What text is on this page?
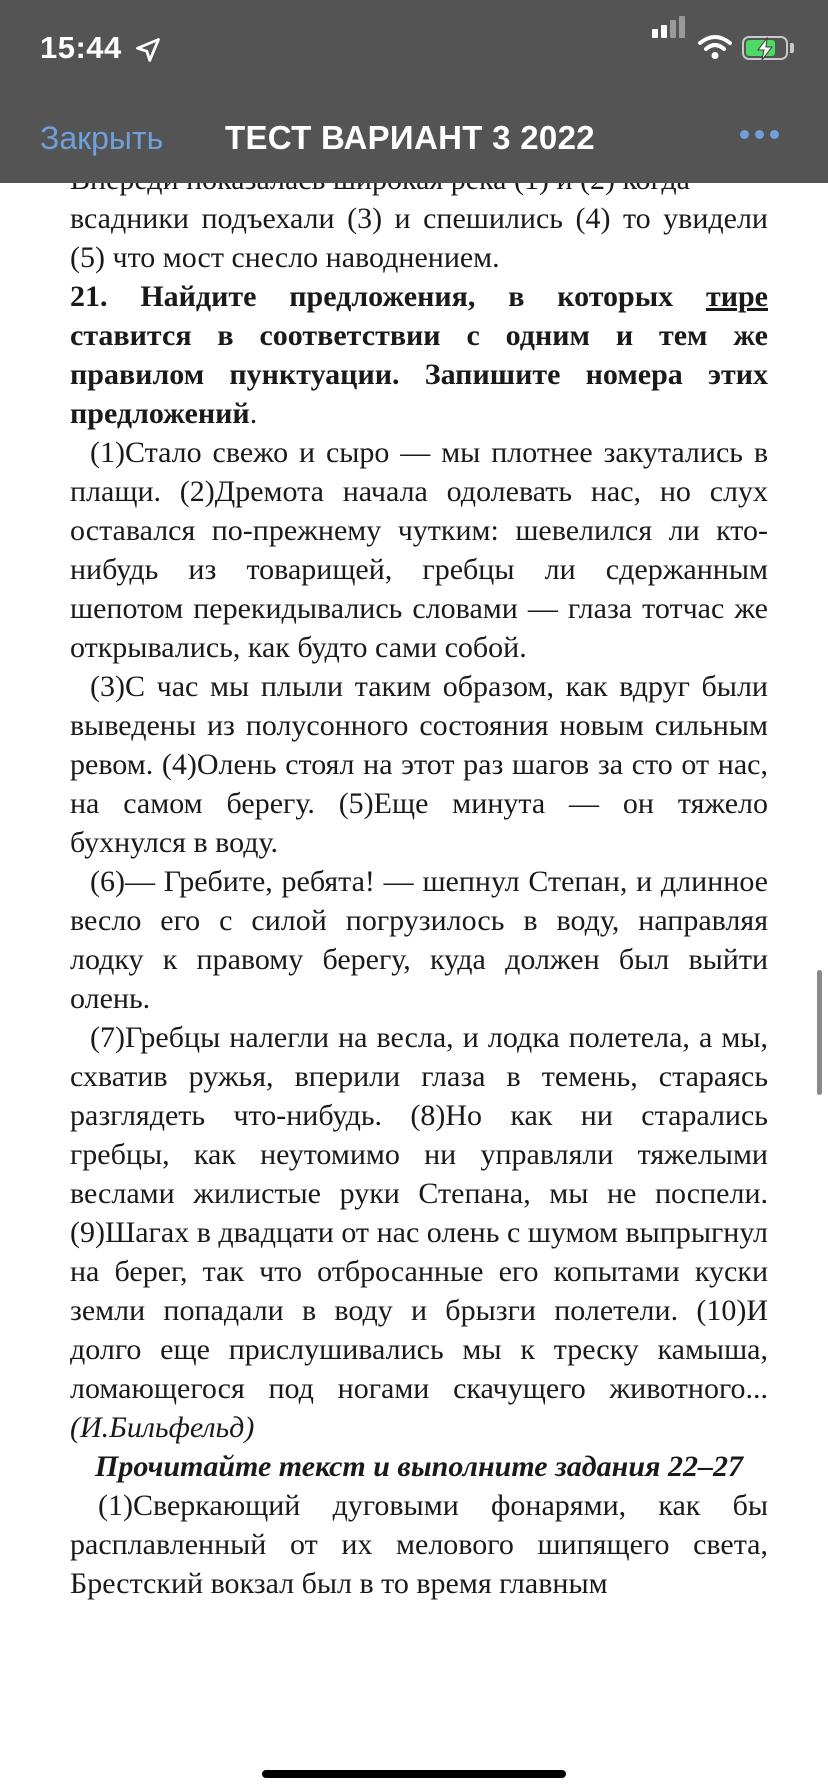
всадники подъехали (3) и спешились (4) то увидели (5) что мост снесло наводнением.

21. Найдите предложения, в которых тире ставится в соответствии с одним и тем же правилом пунктуации. Запишите номера этих предложений.

(1)Стало свежо и сыро — мы плотнее закутались в плащи. (2)Дремота начала одолевать нас, но слух оставался по-прежнему чутким: шевелился ли кто-нибудь из товарищей, гребцы ли сдержанным шепотом перекидывались словами — глаза тотчас же открывались, как будто сами собой.

(3)С час мы плыли таким образом, как вдруг были выведены из полусонного состояния новым сильным ревом. (4)Олень стоял на этот раз шагов за сто от нас, на самом берегу. (5)Еще минута — он тяжело бухнулся в воду.

(6)— Гребите, ребята! — шепнул Степан, и длинное весло его с силой погрузилось в воду, направляя лодку к правому берегу, куда должен был выйти олень.

(7)Гребцы налегли на весла, и лодка полетела, а мы, схватив ружья, вперили глаза в темень, стараясь разглядеть что-нибудь. (8)Но как ни старались гребцы, как неутомимо ни управляли тяжелыми веслами жилистые руки Степана, мы не поспели. (9)Шагах в двадцати от нас олень с шумом выпрыгнул на берег, так что отбросанные его копытами куски земли попадали в воду и брызги полетели. (10)И долго еще прислушивались мы к треску камыша, ломающегося под ногами скачущего животного... (И.Бильфельд)

Прочитайте текст и выполните задания 22–27

(1)Сверкающий дуговыми фонарями, как бы расплавленный от их мелового шипящего света, Брестский вокзал был в то время главным

15:44
Закрыть ТЕСТ ВАРИАНТ 3 2022
